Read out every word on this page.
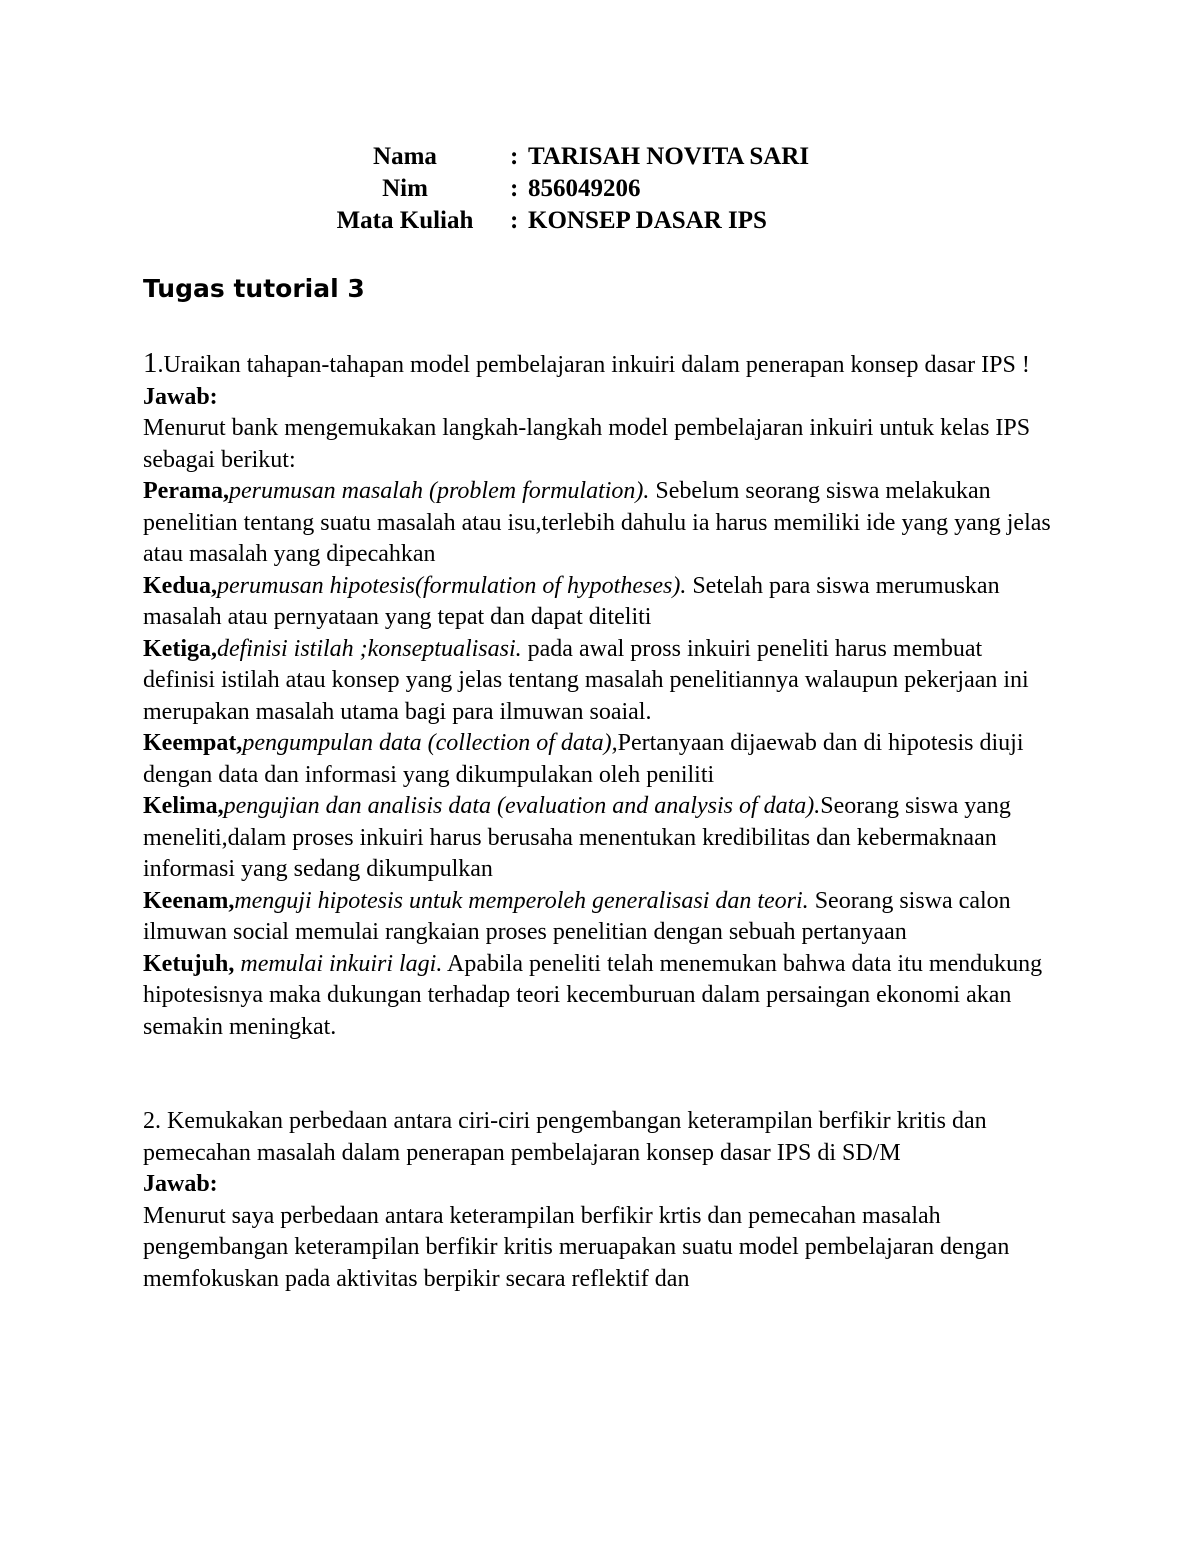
Nama	: TARISAH NOVITA SARI
Nim	: 856049206
Mata Kuliah	: KONSEP DASAR IPS
Tugas tutorial 3

1.Uraikan tahapan-tahapan model pembelajaran inkuiri dalam penerapan konsep dasar IPS !

Jawab:

Menurut bank mengemukakan langkah-langkah model pembelajaran inkuiri untuk kelas IPS sebagai berikut:

Perama,perumusan masalah (problem formulation). Sebelum seorang siswa melakukan penelitian tentang suatu masalah atau isu,terlebih dahulu ia harus memiliki ide yang yang jelas atau masalah yang dipecahkan

Kedua,perumusan hipotesis(formulation of hypotheses). Setelah para siswa merumuskan masalah atau pernyataan yang tepat dan dapat diteliti

Ketiga,definisi istilah ;konseptualisasi. pada awal pross inkuiri peneliti harus membuat definisi istilah atau konsep yang jelas tentang masalah penelitiannya walaupun pekerjaan ini merupakan masalah utama bagi para ilmuwan soaial.

Keempat,pengumpulan data (collection of data),Pertanyaan dijaewab dan di hipotesis diuji dengan data dan informasi yang dikumpulakan oleh peniliti

Kelima,pengujian dan analisis data (evaluation and analysis of data).Seorang siswa yang meneliti,dalam proses inkuiri harus berusaha menentukan kredibilitas dan kebermaknaan informasi yang sedang dikumpulkan

Keenam,menguji hipotesis untuk memperoleh generalisasi dan teori. Seorang siswa calon ilmuwan social memulai rangkaian proses penelitian dengan sebuah pertanyaan

Ketujuh, memulai inkuiri lagi. Apabila peneliti telah menemukan bahwa data itu mendukung hipotesisnya maka dukungan terhadap teori kecemburuan dalam persaingan ekonomi akan semakin meningkat.

2. Kemukakan perbedaan antara ciri-ciri pengembangan keterampilan berfikir kritis dan pemecahan masalah dalam penerapan pembelajaran konsep dasar IPS di SD/M

Jawab:

Menurut saya perbedaan antara keterampilan berfikir krtis dan pemecahan masalah pengembangan keterampilan berfikir kritis meruapakan suatu model pembelajaran dengan memfokuskan pada aktivitas berpikir secara reflektif dan
